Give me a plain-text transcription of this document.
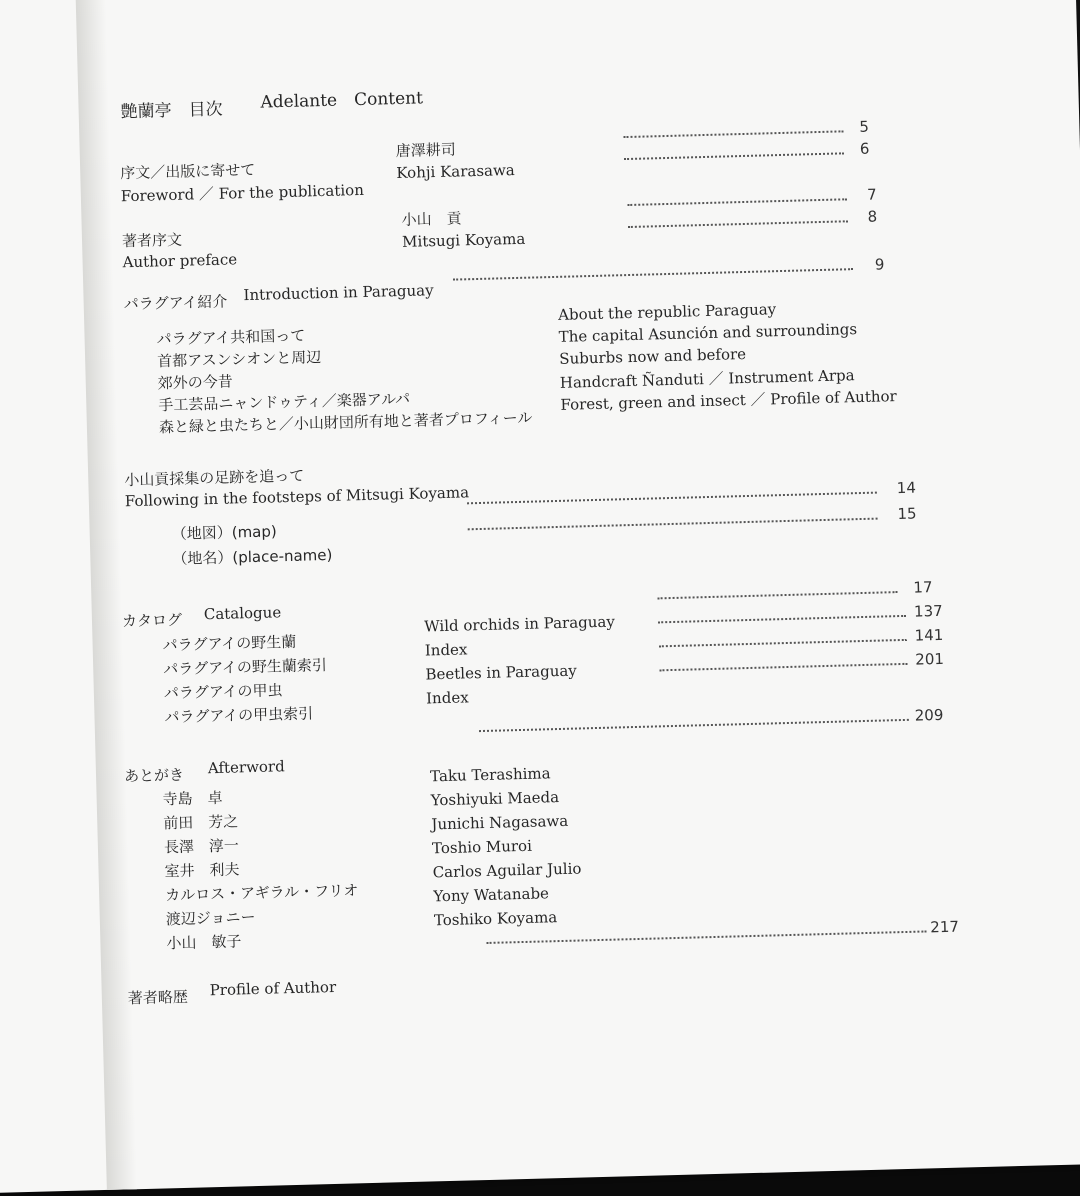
艶蘭亭　目次 Adelante　Content
序文／出版に寄せて
Foreword ／ For the publication
唐澤耕司
Kohji Karasawa
5
6
著者序文
Author preface
小山　貢
Mitsugi Koyama
7
8
パラグアイ紹介 Introduction in Paraguay
9
パラグアイ共和国って
首都アスンシオンと周辺
郊外の今昔
手工芸品ニャンドゥティ／楽器アルパ
森と緑と虫たちと／小山財団所有地と著者プロフィール
About the republic Paraguay
The capital Asunción and surroundings
Suburbs now and before
Handcraft Ñanduti ／ Instrument Arpa
Forest, green and insect ／ Profile of Author
小山貢採集の足跡を追って
Following in the footsteps of Mitsugi Koyama
（地図）(map)
14
（地名）(place-name)
15
カタログ Catalogue
17
パラグアイの野生蘭
パラグアイの野生蘭索引
パラグアイの甲虫
パラグアイの甲虫索引
Wild orchids in Paraguay
Index
Beetles in Paraguay
Index
137
141
201
209
あとがき Afterword
寺島　卓
前田　芳之
長澤　淳一
室井　利夫
カルロス・アギラル・フリオ
渡辺ジョニー
小山　敏子
Taku Terashima
Yoshiyuki Maeda
Junichi Nagasawa
Toshio Muroi
Carlos Aguilar Julio
Yony Watanabe
Toshiko Koyama	217
著者略歴 Profile of Author
